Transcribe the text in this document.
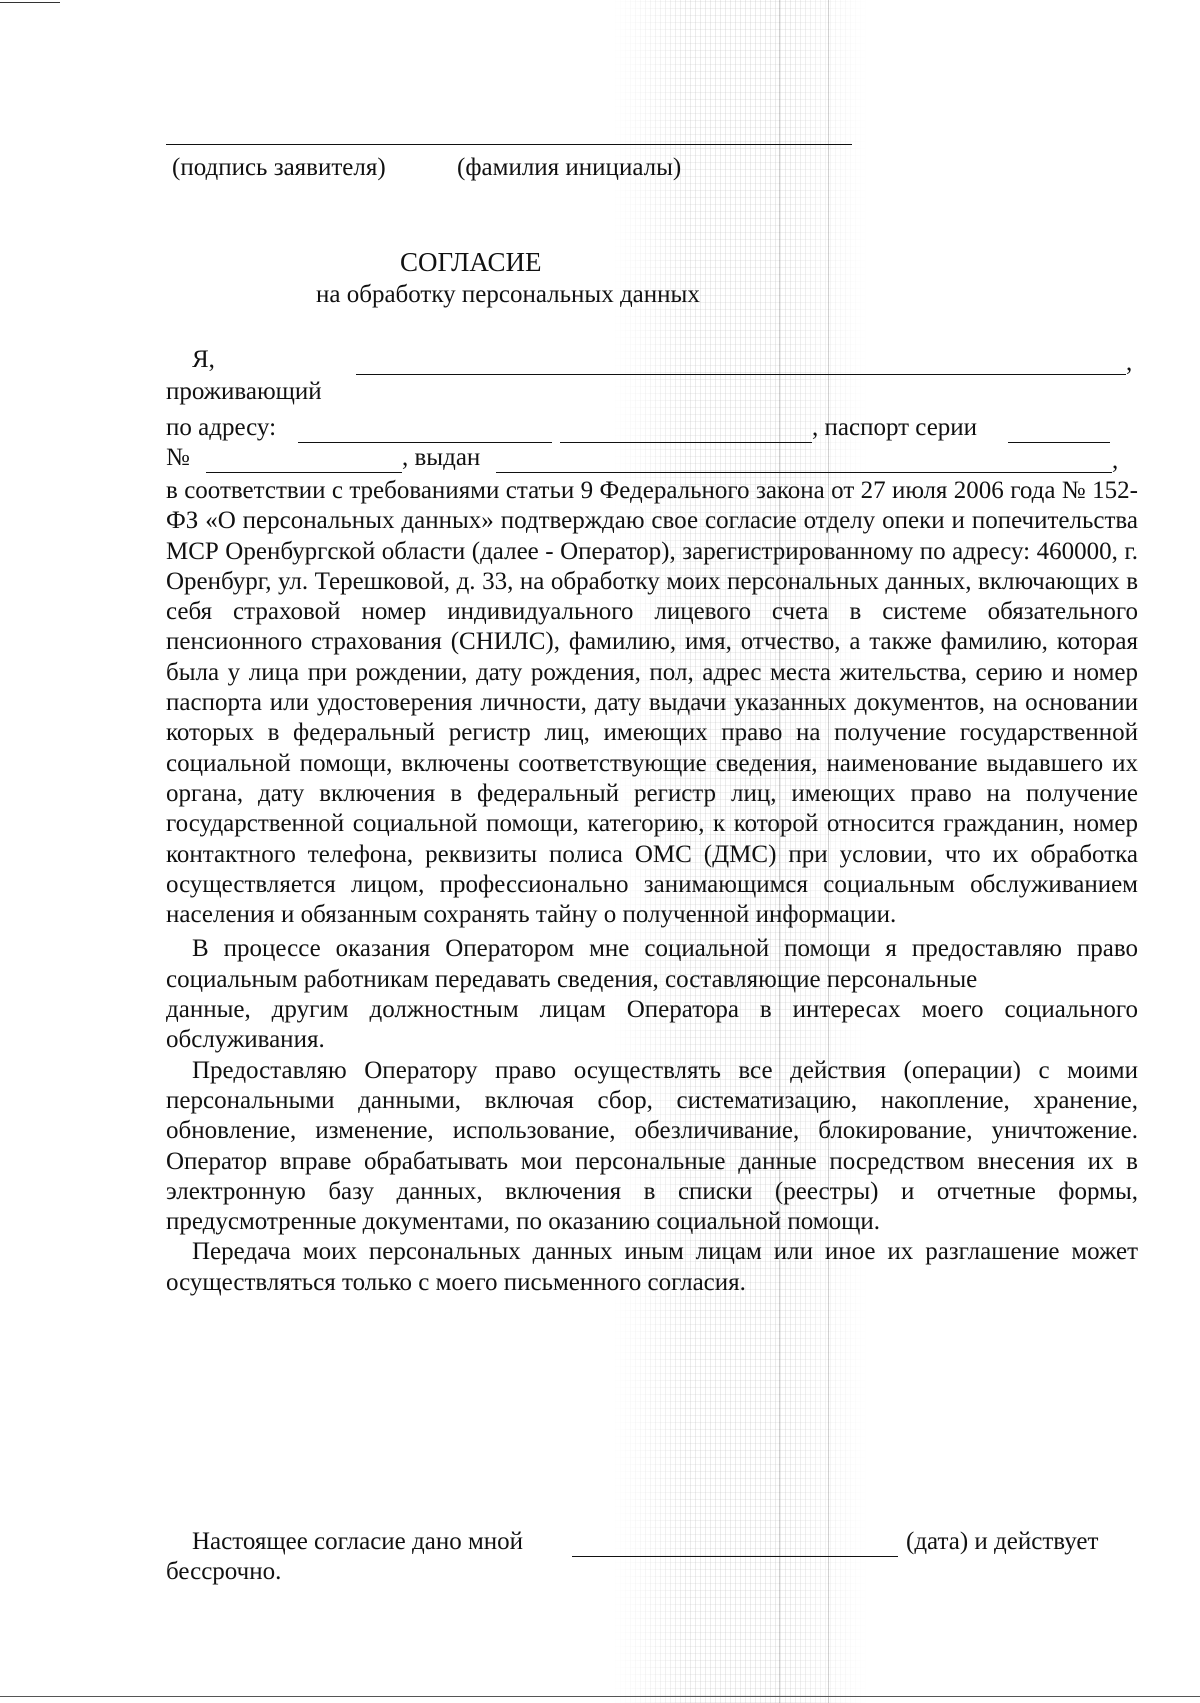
(подпись заявителя)	(фамилия инициалы)
СОГЛАСИЕ
на обработку персональных данных
Я,	,
проживающий
по адресу:	, паспорт серии
№	, выдан	,

в соответствии с требованиями статьи 9 Федерального закона от 27 июля 2006 года № 152-ФЗ «О персональных данных» подтверждаю свое согласие отделу опеки и попечительства МСР Оренбургской области (далее - Оператор), зарегистрированному по адресу: 460000, г. Оренбург, ул. Терешковой, д. 33, на обработку моих персональных данных, включающих в себя страховой номер индивидуального лицевого счета в системе обязательного пенсионного страхования (СНИЛС), фамилию, имя, отчество, а также фамилию, которая была у лица при рождении, дату рождения, пол, адрес места жительства, серию и номер паспорта или удостоверения личности, дату выдачи указанных документов, на основании которых в федеральный регистр лиц, имеющих право на получение государственной социальной помощи, включены соответствующие сведения, наименование выдавшего их органа, дату включения в федеральный регистр лиц, имеющих право на получение государственной социальной помощи, категорию, к которой относится гражданин, номер контактного телефона, реквизиты полиса ОМС (ДМС) при условии, что их обработка осуществляется лицом, профессионально занимающимся социальным обслуживанием населения и обязанным сохранять тайну о полученной информации.

В процессе оказания Оператором мне социальной помощи я предоставляю право социальным работникам передавать сведения, составляющие персональные

данные, другим должностным лицам Оператора в интересах моего социального обслуживания.

Предоставляю Оператору право осуществлять все действия (операции) с моими персональными данными, включая сбор, систематизацию, накопление, хранение, обновление, изменение, использование, обезличивание, блокирование, уничтожение. Оператор вправе обрабатывать мои персональные данные посредством внесения их в электронную базу данных, включения в списки (реестры) и отчетные формы, предусмотренные документами, по оказанию социальной помощи.

Передача моих персональных данных иным лицам или иное их разглашение может осуществляться только с моего письменного согласия.

Настоящее согласие дано мной	(дата) и действует
бессрочно.
